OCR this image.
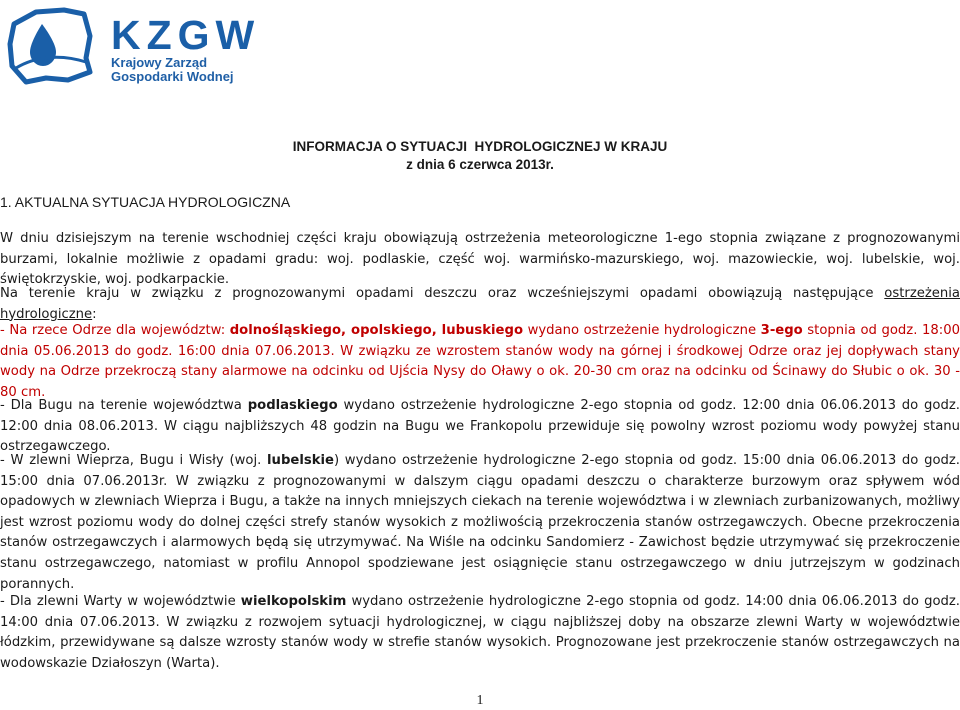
KZGW
Krajowy Zarząd
Gospodarki Wodnej
INFORMACJA O SYTUACJI  HYDROLOGICZNEJ W KRAJU
z dnia 6 czerwca 2013r.
1. AKTUALNA SYTUACJA HYDROLOGICZNA
W dniu dzisiejszym na terenie wschodniej części kraju obowiązują ostrzeżenia meteorologiczne 1-ego stopnia związane z prognozowanymi burzami, lokalnie możliwie z opadami gradu: woj. podlaskie, część woj. warmińsko-mazurskiego, woj. mazowieckie, woj. lubelskie, woj. świętokrzyskie, woj. podkarpackie.
Na terenie kraju w związku z prognozowanymi opadami deszczu oraz wcześniejszymi opadami obowiązują następujące ostrzeżenia hydrologiczne:
- Na rzece Odrze dla województw: dolnośląskiego, opolskiego, lubuskiego wydano ostrzeżenie hydrologiczne 3-ego stopnia od godz. 18:00 dnia 05.06.2013 do godz. 16:00 dnia 07.06.2013. W związku ze wzrostem stanów wody na górnej i środkowej Odrze oraz jej dopływach stany wody na Odrze przekroczą stany alarmowe na odcinku od Ujścia Nysy do Oławy o ok. 20-30 cm oraz na odcinku od Ścinawy do Słubic o ok. 30 - 80 cm.
- Dla Bugu na terenie województwa podlaskiego wydano ostrzeżenie hydrologiczne 2-ego stopnia od godz. 12:00 dnia 06.06.2013 do godz. 12:00 dnia 08.06.2013. W ciągu najbliższych 48 godzin na Bugu we Frankopolu przewiduje się powolny wzrost poziomu wody powyżej stanu ostrzegawczego.
- W zlewni Wieprza, Bugu i Wisły (woj. lubelskie) wydano ostrzeżenie hydrologiczne 2-ego stopnia od godz. 15:00 dnia 06.06.2013 do godz. 15:00 dnia 07.06.2013r. W związku z prognozowanymi w dalszym ciągu opadami deszczu o charakterze burzowym oraz spływem wód opadowych w zlewniach Wieprza i Bugu, a także na innych mniejszych ciekach na terenie województwa i w zlewniach zurbanizowanych, możliwy jest wzrost poziomu wody do dolnej części strefy stanów wysokich z możliwością przekroczenia stanów ostrzegawczych. Obecne przekroczenia stanów ostrzegawczych i alarmowych będą się utrzymywać. Na Wiśle na odcinku Sandomierz - Zawichost będzie utrzymywać się przekroczenie stanu ostrzegawczego, natomiast w profilu Annopol spodziewane jest osiągnięcie stanu ostrzegawczego w dniu jutrzejszym w godzinach porannych.
- Dla zlewni Warty w województwie wielkopolskim wydano ostrzeżenie hydrologiczne 2-ego stopnia od godz. 14:00 dnia 06.06.2013 do godz. 14:00 dnia 07.06.2013. W związku z rozwojem sytuacji hydrologicznej, w ciągu najbliższej doby na obszarze zlewni Warty w województwie łódzkim, przewidywane są dalsze wzrosty stanów wody w strefie stanów wysokich. Prognozowane jest przekroczenie stanów ostrzegawczych na wodowskazie Działoszyn (Warta).
1
